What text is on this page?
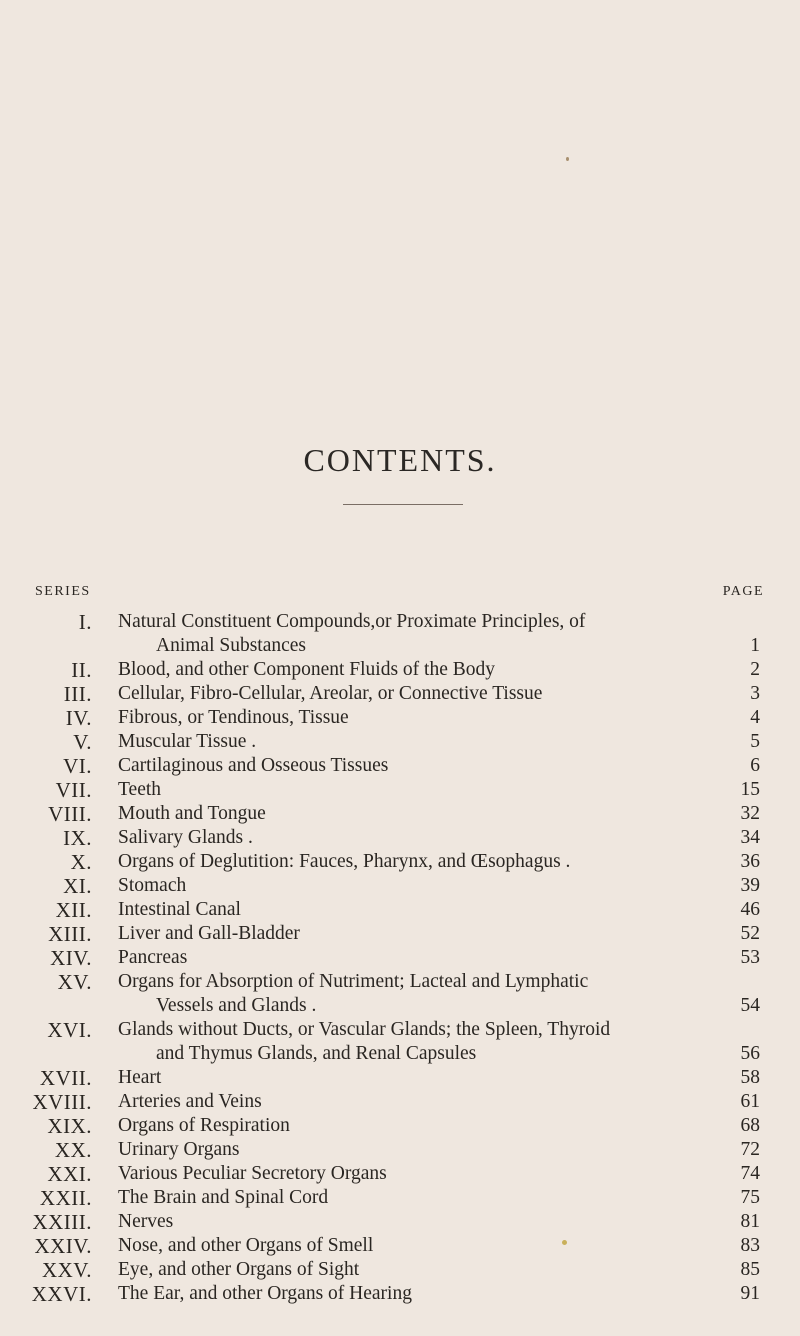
CONTENTS.
SERIES	PAGE
I. Natural Constituent Compounds,or Proximate Principles, of
Animal Substances	1
II. Blood, and other Component Fluids of the Body	2
III. Cellular, Fibro-Cellular, Areolar, or Connective Tissue	3
IV. Fibrous, or Tendinous, Tissue	4
V. Muscular Tissue .	5
VI. Cartilaginous and Osseous Tissues	6
VII. Teeth	15
VIII. Mouth and Tongue	32
IX. Salivary Glands .	34
X. Organs of Deglutition: Fauces, Pharynx, and Œsophagus .	36
XI. Stomach	39
XII. Intestinal Canal	46
XIII. Liver and Gall-Bladder	52
XIV. Pancreas	53
XV. Organs for Absorption of Nutriment; Lacteal and Lymphatic
Vessels and Glands .	54
XVI. Glands without Ducts, or Vascular Glands; the Spleen, Thyroid
and Thymus Glands, and Renal Capsules	56
XVII. Heart	58
XVIII. Arteries and Veins	61
XIX. Organs of Respiration	68
XX. Urinary Organs	72
XXI. Various Peculiar Secretory Organs	74
XXII. The Brain and Spinal Cord	75
XXIII. Nerves	81
XXIV. Nose, and other Organs of Smell	83
XXV. Eye, and other Organs of Sight	85
XXVI. The Ear, and other Organs of Hearing	91
